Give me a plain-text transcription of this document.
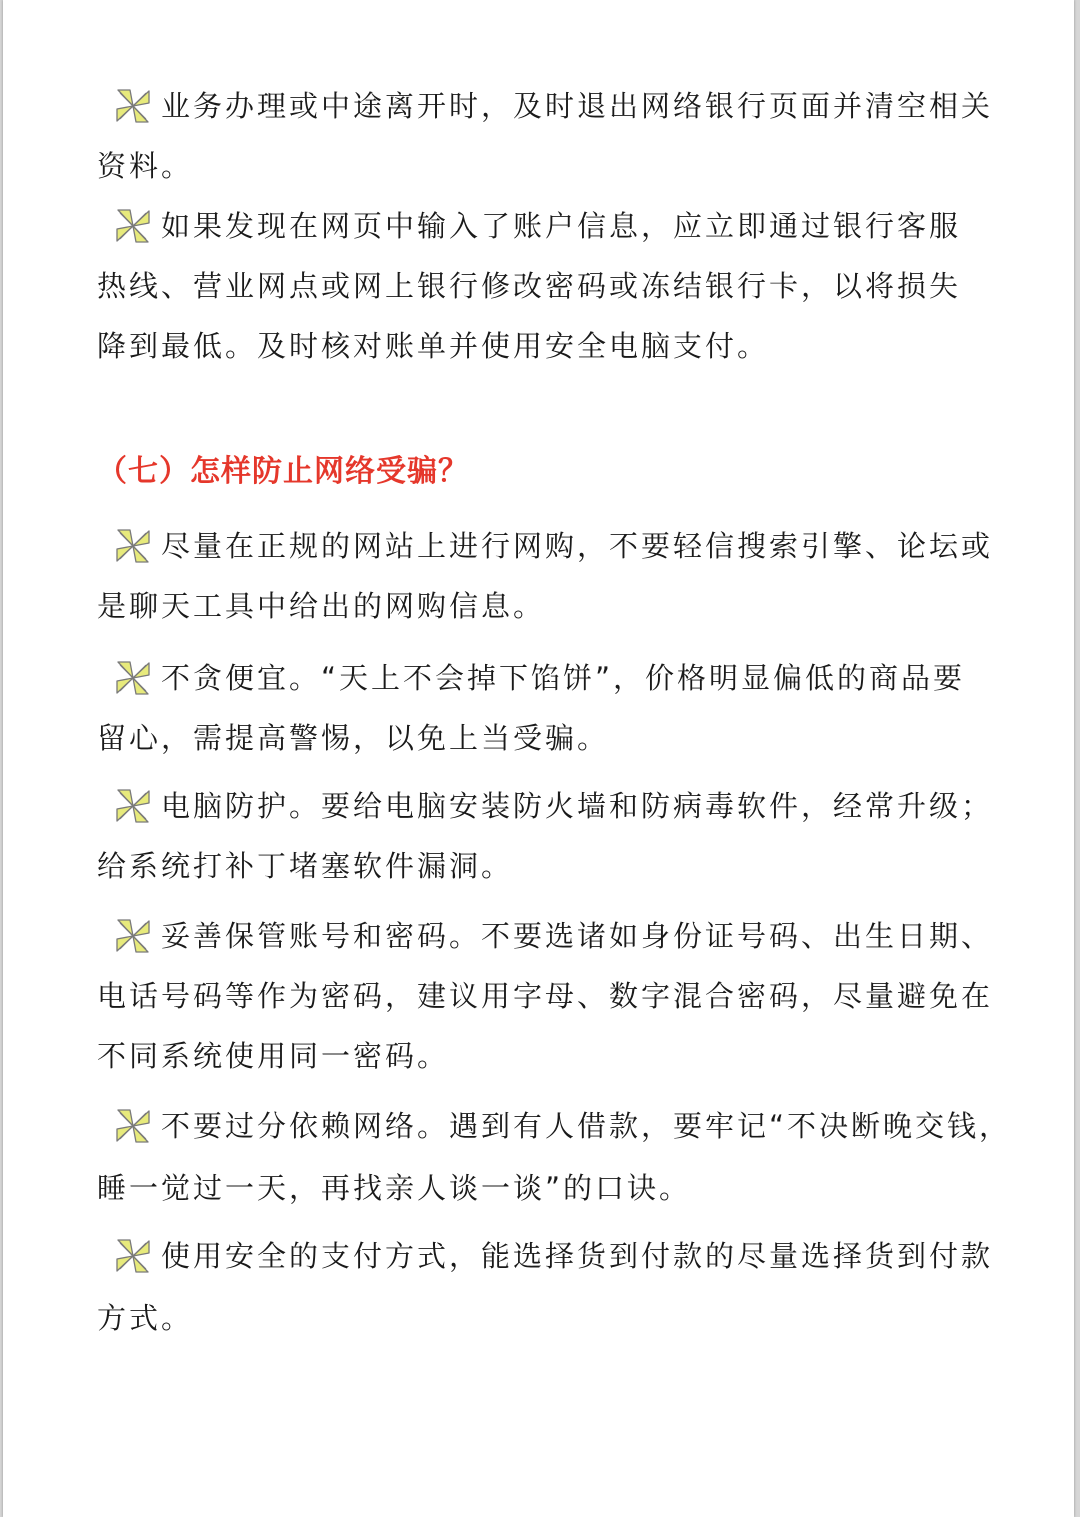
业务办理或中途离开时，及时退出网络银行页面并清空相关
资料。
如果发现在网页中输入了账户信息，应立即通过银行客服
热线、营业网点或网上银行修改密码或冻结银行卡，以将损失
降到最低。及时核对账单并使用安全电脑支付。
（七）怎样防止网络受骗？
尽量在正规的网站上进行网购，不要轻信搜索引擎、论坛或
是聊天工具中给出的网购信息。
不贪便宜。“天上不会掉下馅饼”，价格明显偏低的商品要
留心，需提高警惕，以免上当受骗。
电脑防护。要给电脑安装防火墙和防病毒软件，经常升级；
给系统打补丁堵塞软件漏洞。
妥善保管账号和密码。不要选诸如身份证号码、出生日期、
电话号码等作为密码，建议用字母、数字混合密码，尽量避免在
不同系统使用同一密码。
不要过分依赖网络。遇到有人借款，要牢记“不决断晚交钱，
睡一觉过一天，再找亲人谈一谈”的口诀。
使用安全的支付方式，能选择货到付款的尽量选择货到付款
方式。
